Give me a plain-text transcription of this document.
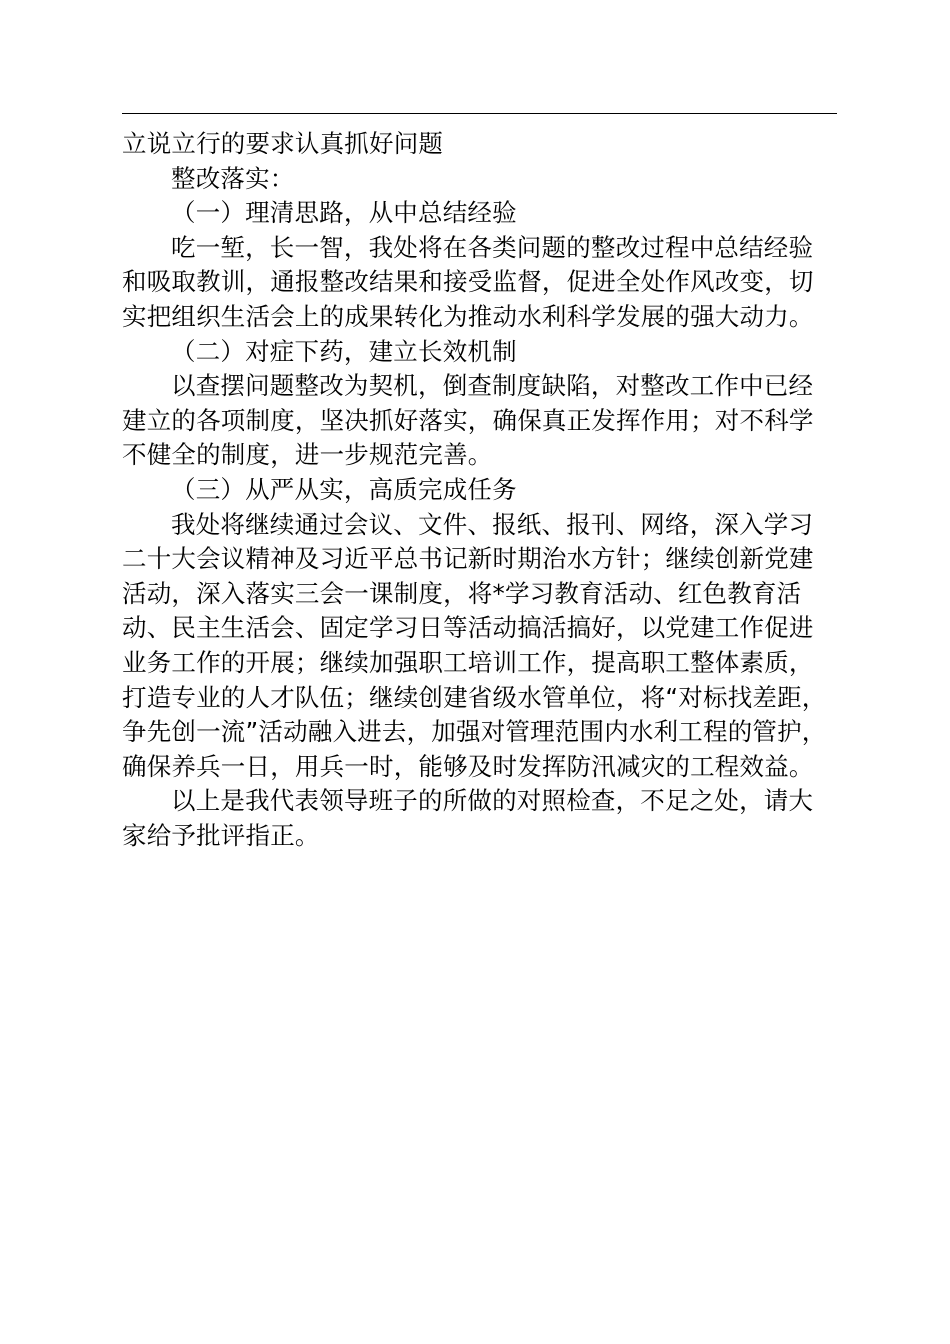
立说立行的要求认真抓好问题
整改落实：
（一）理清思路，从中总结经验
吃一堑，长一智，我处将在各类问题的整改过程中总结经验
和吸取教训，通报整改结果和接受监督，促进全处作风改变，切
实把组织生活会上的成果转化为推动水利科学发展的强大动力。
（二）对症下药，建立长效机制
以查摆问题整改为契机，倒查制度缺陷，对整改工作中已经
建立的各项制度，坚决抓好落实，确保真正发挥作用；对不科学
不健全的制度，进一步规范完善。
（三）从严从实，高质完成任务
我处将继续通过会议、文件、报纸、报刊、网络，深入学习
二十大会议精神及习近平总书记新时期治水方针；继续创新党建
活动，深入落实三会一课制度，将*学习教育活动、红色教育活
动、民主生活会、固定学习日等活动搞活搞好，以党建工作促进
业务工作的开展；继续加强职工培训工作，提高职工整体素质，
打造专业的人才队伍；继续创建省级水管单位，将“对标找差距，
争先创一流”活动融入进去，加强对管理范围内水利工程的管护，
确保养兵一日，用兵一时，能够及时发挥防汛减灾的工程效益。
以上是我代表领导班子的所做的对照检查，不足之处，请大
家给予批评指正。
